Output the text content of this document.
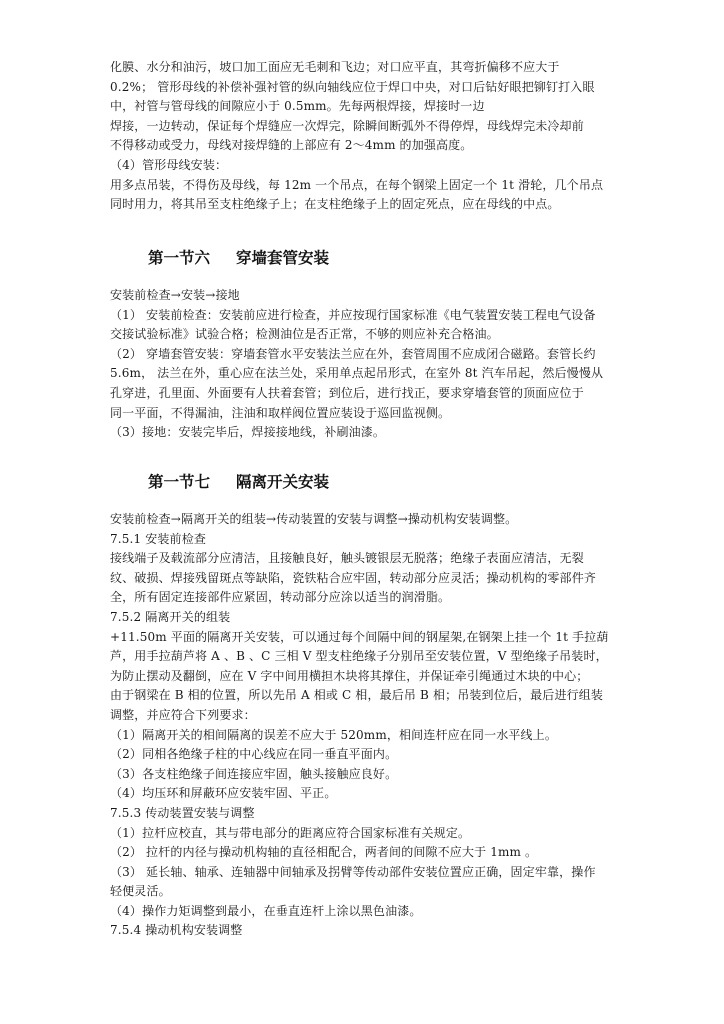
化膜、水分和油污，坡口加工面应无毛刺和飞边；对口应平直，其弯折偏移不应大于
0.2%； 管形母线的补偿补强衬管的纵向轴线应位于焊口中央，对口后钻好眼把铆钉打入眼
中，衬管与管母线的间隙应小于 0.5mm。先每两根焊接，焊接时一边
焊接，一边转动，保证每个焊缝应一次焊完，除瞬间断弧外不得停焊，母线焊完未冷却前
不得移动或受力，母线对接焊缝的上部应有 2～4mm 的加强高度。
（4）管形母线安装：
用多点吊装，不得伤及母线，每 12m 一个吊点，在每个钢梁上固定一个 1t 滑轮，几个吊点
同时用力，将其吊至支柱绝缘子上；在支柱绝缘子上的固定死点，应在母线的中点。
第一节六 穿墙套管安装
安装前检查→安装→接地
（1） 安装前检查：安装前应进行检查，并应按现行国家标准《电气装置安装工程电气设备
交接试验标准》试验合格；检测油位是否正常，不够的则应补充合格油。
（2） 穿墙套管安装：穿墙套管水平安装法兰应在外，套管周围不应成闭合磁路。套管长约
5.6m， 法兰在外，重心应在法兰处，采用单点起吊形式，在室外 8t 汽车吊起，然后慢慢从
孔穿进，孔里面、外面要有人扶着套管；到位后，进行找正，要求穿墙套管的顶面应位于
同一平面，不得漏油，注油和取样阀位置应装设于巡回监视侧。
（3）接地：安装完毕后，焊接接地线，补刷油漆。
第一节七 隔离开关安装
安装前检查→隔离开关的组装→传动装置的安装与调整→操动机构安装调整。
7.5.1 安装前检查
接线端子及载流部分应清洁，且接触良好，触头镀银层无脱落；绝缘子表面应清洁，无裂
纹、破损、焊接残留斑点等缺陷，瓷铁粘合应牢固，转动部分应灵活；操动机构的零部件齐
全，所有固定连接部件应紧固，转动部分应涂以适当的润滑脂。
7.5.2 隔离开关的组装
+11.50m 平面的隔离开关安装，可以通过每个间隔中间的钢屋架,在钢架上挂一个 1t 手拉葫
芦，用手拉葫芦将 A 、B 、C 三相 V 型支柱绝缘子分别吊至安装位置，V 型绝缘子吊装时，
为防止摆动及翻倒，应在 V 字中间用横担木块将其撑住，并保证牵引绳通过木块的中心；
由于钢梁在 B 相的位置，所以先吊 A 相或 C 相，最后吊 B 相；吊装到位后，最后进行组装
调整，并应符合下列要求：
（1）隔离开关的相间隔离的误差不应大于 520mm，相间连杆应在同一水平线上。
（2）同相各绝缘子柱的中心线应在同一垂直平面内。
（3）各支柱绝缘子间连接应牢固，触头接触应良好。
（4）均压环和屏蔽环应安装牢固、平正。
7.5.3 传动装置安装与调整
（1）拉杆应校直，其与带电部分的距离应符合国家标准有关规定。
（2） 拉杆的内径与操动机构轴的直径相配合，两者间的间隙不应大于 1mm 。
（3） 延长轴、轴承、连轴器中间轴承及拐臂等传动部件安装位置应正确，固定牢靠，操作
轻便灵活。
（4）操作力矩调整到最小，在垂直连杆上涂以黑色油漆。
7.5.4 操动机构安装调整
